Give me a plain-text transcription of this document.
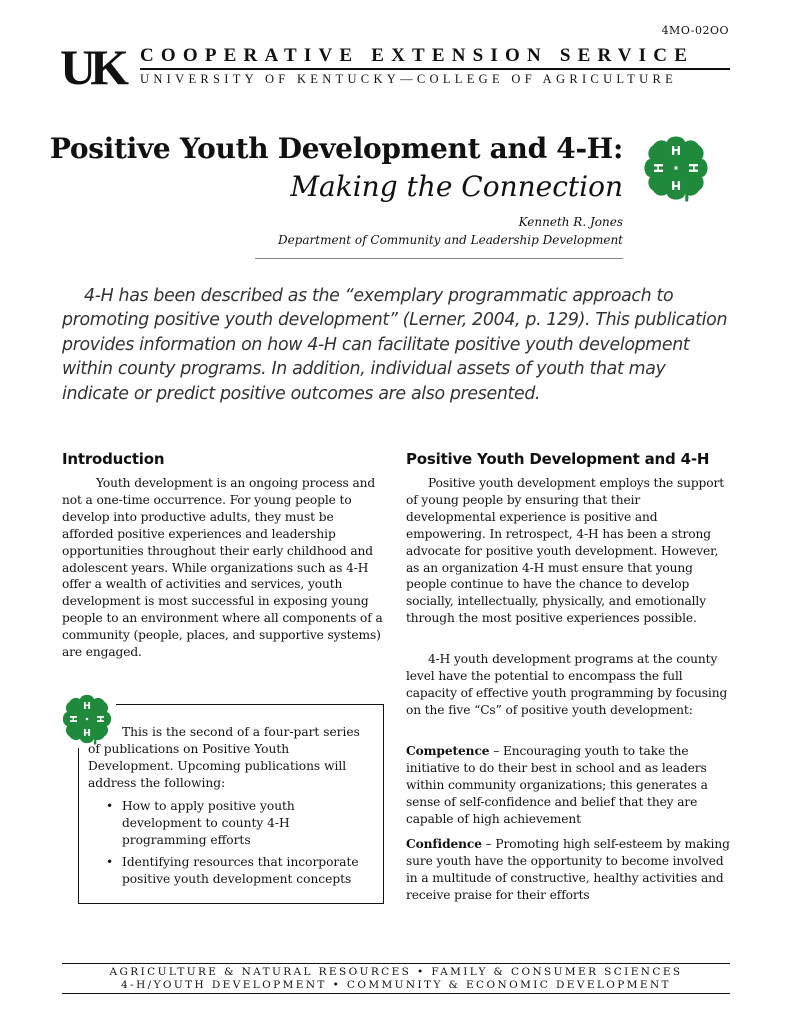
4MO-02OO
UK COOPERATIVE EXTENSION SERVICE
UNIVERSITY OF KENTUCKY—COLLEGE OF AGRICULTURE
Positive Youth Development and 4-H:
Making the Connection
H
H
H
H
Kenneth R. Jones
Department of Community and Leadership Development

4-H has been described as the “exemplary programmatic approach to promoting positive youth development” (Lerner, 2004, p. 129). This publication provides information on how 4-H can facilitate positive youth development within county programs. In addition, individual assets of youth that may indicate or predict positive outcomes are also presented.

Introduction

Youth development is an ongoing process and not a one-time occurrence. For young people to develop into productive adults, they must be afforded positive experiences and leadership opportunities throughout their early childhood and adolescent years. While organizations such as 4-H offer a wealth of activities and services, youth development is most successful in exposing young people to an environment where all components of a community (people, places, and supportive systems) are engaged.

H
H
H
H

This is the second of a four-part series of publications on Positive Youth Development. Upcoming publications will address the following:

• How to apply positive youth development to county 4-H programming efforts
• Identifying resources that incorporate positive youth development concepts
Positive Youth Development and 4-H

Positive youth development employs the support of young people by ensuring that their developmental experience is positive and empowering. In retrospect, 4-H has been a strong advocate for positive youth development. However, as an organization 4-H must ensure that young people continue to have the chance to develop socially, intellectually, physically, and emotionally through the most positive experiences possible.

4-H youth development programs at the county level have the potential to encompass the full capacity of effective youth programming by focusing on the five “Cs” of positive youth development:

Competence – Encouraging youth to take the initiative to do their best in school and as leaders within community organizations; this generates a sense of self-confidence and belief that they are capable of high achievement

Confidence – Promoting high self-esteem by making sure youth have the opportunity to become involved in a multitude of constructive, healthy activities and receive praise for their efforts

AGRICULTURE & NATURAL RESOURCES • FAMILY & CONSUMER SCIENCES
4-H/YOUTH DEVELOPMENT • COMMUNITY & ECONOMIC DEVELOPMENT
